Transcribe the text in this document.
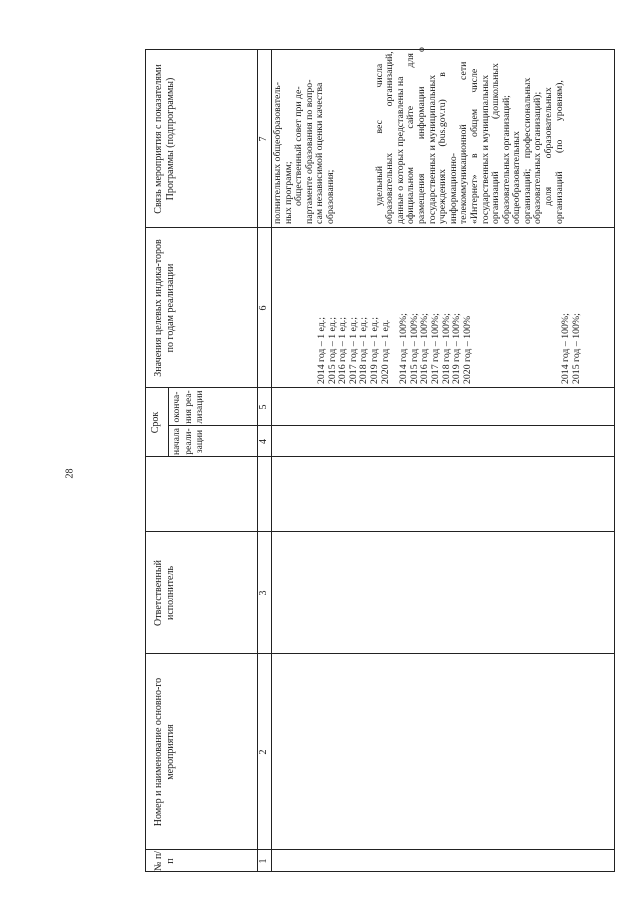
28
№ п/п
Номер и наименование основно-го мероприятия
Ответственный исполнитель
Срок
начала реали-зации
оконча-ния реа-лизации
Значения целевых индика-торов по годам реализации
Связь мероприятия с показателями Программы (подпрограммы)
1
2
3
4
5
6
7
2014 год – 1 ед.; 2015 год – 1 ед.; 2016 год – 1 ед.; 2017 год – 1 ед.; 2018 год – 1 ед.; 2019 год – 1 ед.; 2020 год – 1 ед. 2014 год – 100%; 2015 год – 100%; 2016 год – 100%; 2017 год – 100%; 2018 год – 100%; 2019 год – 100%; 2020 год – 100%	2014 год – 100%; 2015 год – 100%;
полнительных общеобразователь- ных программ; общественный совет при де- партаменте образования по вопро- сам независимой оценки качества образования;	удельный вес числа образовательных организаций, данные о которых представлены на официальном сайте для размещения информации о государственных и муниципальных учреждениях (bus.gov.ru) в информационно- телекоммуникационной сети «Интернет» в общем числе государственных и муниципальных организаций (дошкольных образовательных организаций; общеобразовательных организаций; профессиональных образовательных организаций); доля образовательных организаций (по уровням),
